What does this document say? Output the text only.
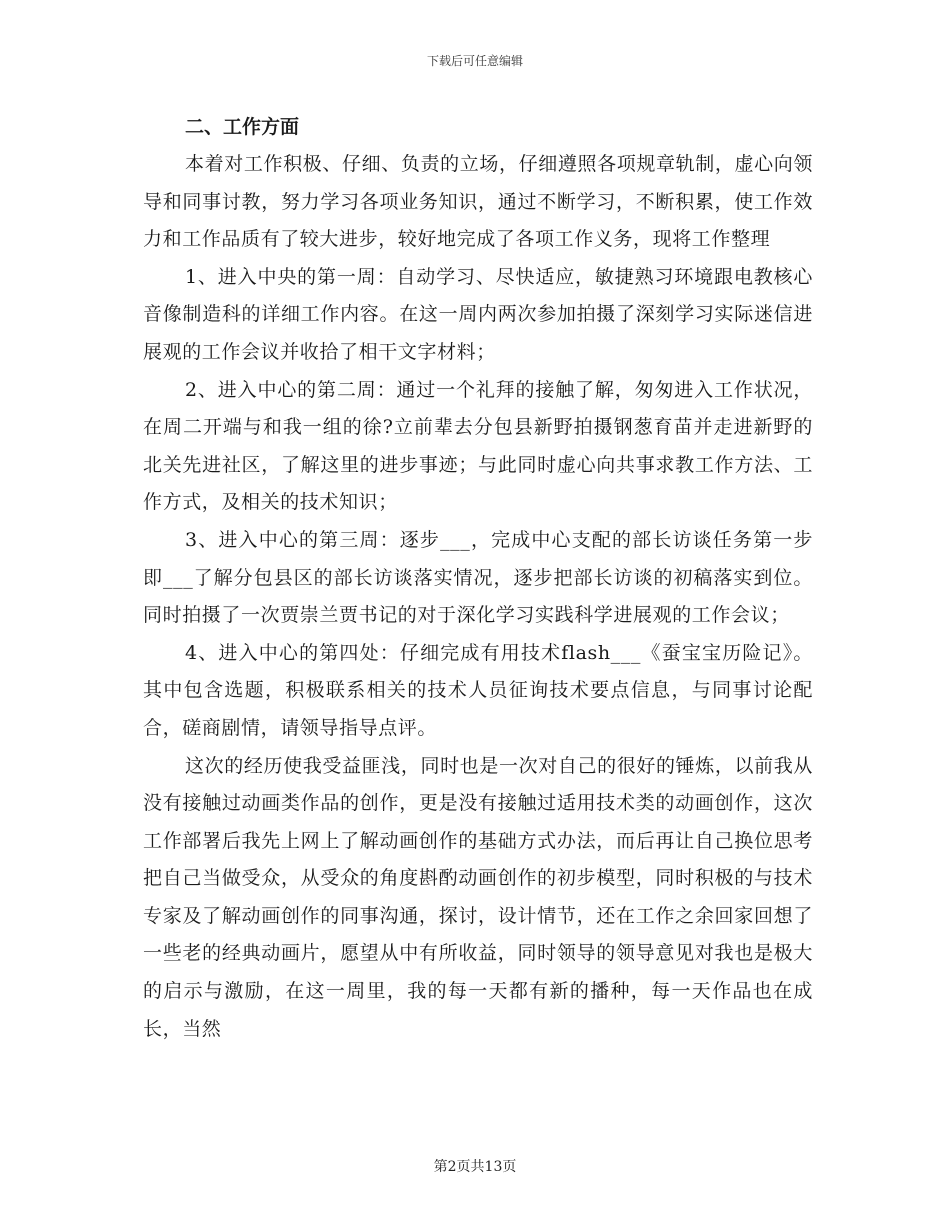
下载后可任意编辑

二、工作方面

本着对工作积极、仔细、负责的立场，仔细遵照各项规章轨制，虚心向领导和同事讨教，努力学习各项业务知识，通过不断学习，不断积累，使工作效力和工作品质有了较大进步，较好地完成了各项工作义务，现将工作整理

1、进入中央的第一周：自动学习、尽快适应，敏捷熟习环境跟电教核心音像制造科的详细工作内容。在这一周内两次参加拍摄了深刻学习实际迷信进展观的工作会议并收拾了相干文字材料；

2、进入中心的第二周：通过一个礼拜的接触了解，匆匆进入工作状况，在周二开端与和我一组的徐?立前辈去分包县新野拍摄钢葱育苗并走进新野的北关先进社区，了解这里的进步事迹；与此同时虚心向共事求教工作方法、工作方式，及相关的技术知识；

3、进入中心的第三周：逐步___，完成中心支配的部长访谈任务第一步即___了解分包县区的部长访谈落实情况，逐步把部长访谈的初稿落实到位。同时拍摄了一次贾崇兰贾书记的对于深化学习实践科学进展观的工作会议；

4、进入中心的第四处：仔细完成有用技术flash___《蚕宝宝历险记》。其中包含选题，积极联系相关的技术人员征询技术要点信息，与同事讨论配合，磋商剧情，请领导指导点评。

这次的经历使我受益匪浅，同时也是一次对自己的很好的锤炼，以前我从没有接触过动画类作品的创作，更是没有接触过适用技术类的动画创作，这次工作部署后我先上网上了解动画创作的基础方式办法，而后再让自己换位思考把自己当做受众，从受众的角度斟酌动画创作的初步模型，同时积极的与技术专家及了解动画创作的同事沟通，探讨，设计情节，还在工作之余回家回想了一些老的经典动画片，愿望从中有所收益，同时领导的领导意见对我也是极大的启示与激励，在这一周里，我的每一天都有新的播种，每一天作品也在成长，当然

第2页共13页
